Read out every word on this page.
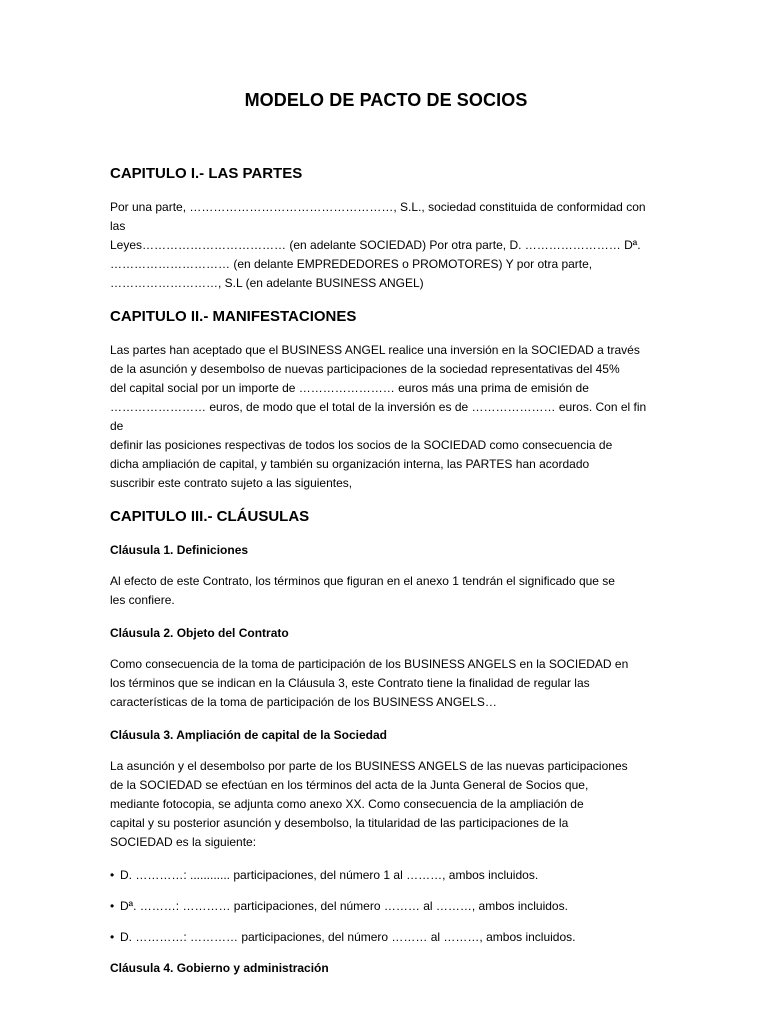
MODELO DE PACTO DE SOCIOS
CAPITULO I.- LAS PARTES
Por una parte, ……………………………………………, S.L., sociedad constituida de conformidad con las
Leyes……………………………… (en adelante SOCIEDAD) Por otra parte, D. …………………… Dª.
………………………… (en delante EMPREDEDORES o PROMOTORES) Y por otra parte,
………………………, S.L (en adelante BUSINESS ANGEL)
CAPITULO II.- MANIFESTACIONES
Las partes han aceptado que el BUSINESS ANGEL realice una inversión en la SOCIEDAD a través
de la asunción y desembolso de nuevas participaciones de la sociedad representativas del 45%
del capital social por un importe de …………………… euros más una prima de emisión de
…………………… euros, de modo que el total de la inversión es de ………………… euros. Con el fin de
definir las posiciones respectivas de todos los socios de la SOCIEDAD como consecuencia de
dicha ampliación de capital, y también su organización interna, las PARTES han acordado
suscribir este contrato sujeto a las siguientes,
CAPITULO III.- CLÁUSULAS
Cláusula 1. Definiciones
Al efecto de este Contrato, los términos que figuran en el anexo 1 tendrán el significado que se
les confiere.
Cláusula 2. Objeto del Contrato
Como consecuencia de la toma de participación de los BUSINESS ANGELS en la SOCIEDAD en
los términos que se indican en la Cláusula 3, este Contrato tiene la finalidad de regular las
características de la toma de participación de los BUSINESS ANGELS…
Cláusula 3. Ampliación de capital de la Sociedad
La asunción y el desembolso por parte de los BUSINESS ANGELS de las nuevas participaciones
de la SOCIEDAD se efectúan en los términos del acta de la Junta General de Socios que,
mediante fotocopia, se adjunta como anexo XX. Como consecuencia de la ampliación de
capital y su posterior asunción y desembolso, la titularidad de las participaciones de la
SOCIEDAD es la siguiente:
• D. …………: ............ participaciones, del número 1 al ………, ambos incluidos.
• Dª. ………: ………… participaciones, del número ……… al ………, ambos incluidos.
• D. …………: ………… participaciones, del número ……… al ………, ambos incluidos.
Cláusula 4. Gobierno y administración
